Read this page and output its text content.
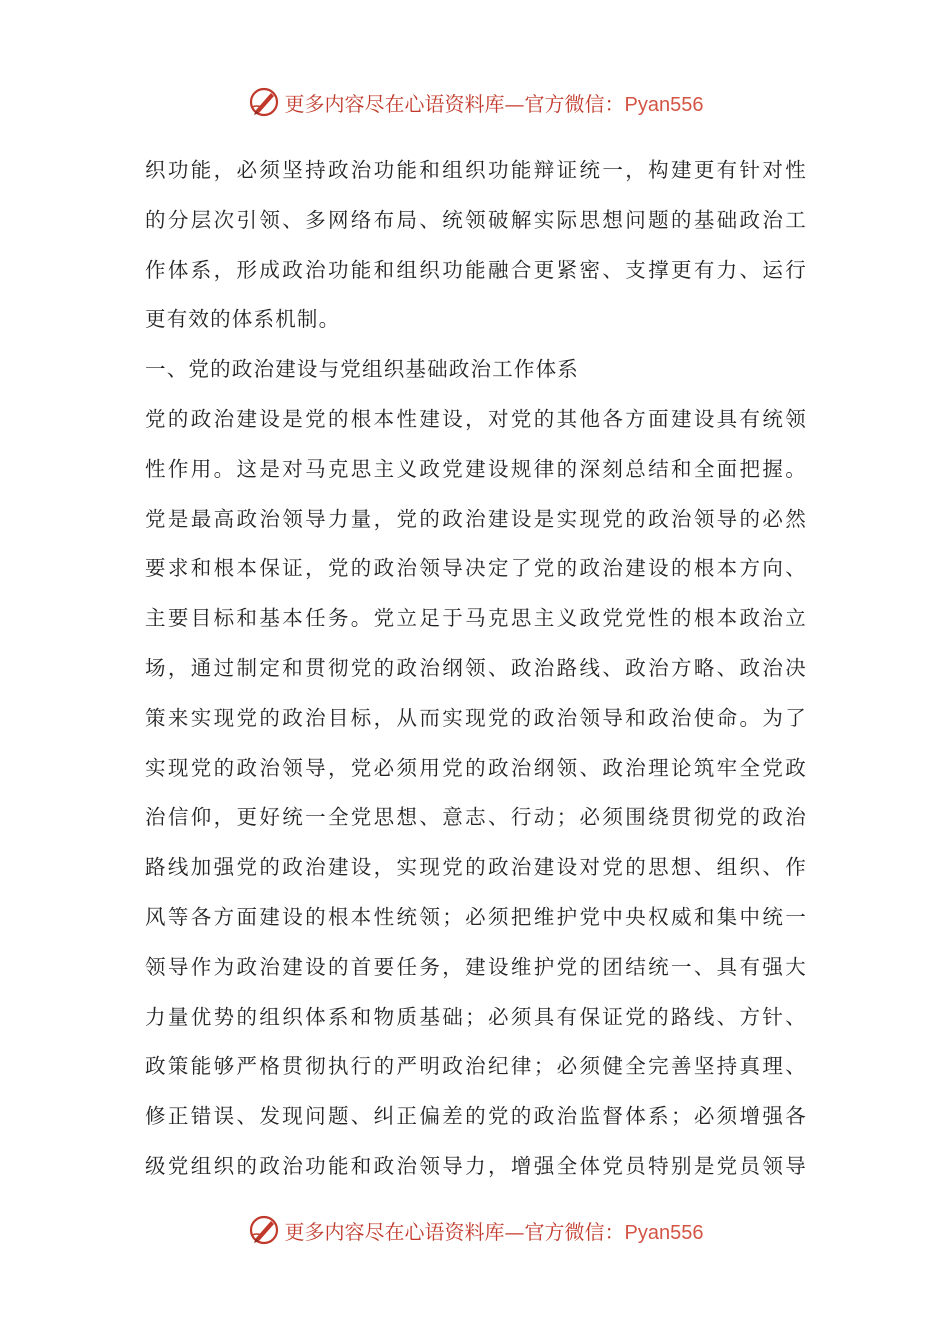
更多内容尽在心语资料库—官方微信：Pyan556
织功能，必须坚持政治功能和组织功能辩证统一，构建更有针对性
的分层次引领、多网络布局、统领破解实际思想问题的基础政治工
作体系，形成政治功能和组织功能融合更紧密、支撑更有力、运行
更有效的体系机制。
一、党的政治建设与党组织基础政治工作体系
党的政治建设是党的根本性建设，对党的其他各方面建设具有统领
性作用。这是对马克思主义政党建设规律的深刻总结和全面把握。
党是最高政治领导力量，党的政治建设是实现党的政治领导的必然
要求和根本保证，党的政治领导决定了党的政治建设的根本方向、
主要目标和基本任务。党立足于马克思主义政党党性的根本政治立
场，通过制定和贯彻党的政治纲领、政治路线、政治方略、政治决
策来实现党的政治目标，从而实现党的政治领导和政治使命。为了
实现党的政治领导，党必须用党的政治纲领、政治理论筑牢全党政
治信仰，更好统一全党思想、意志、行动；必须围绕贯彻党的政治
路线加强党的政治建设，实现党的政治建设对党的思想、组织、作
风等各方面建设的根本性统领；必须把维护党中央权威和集中统一
领导作为政治建设的首要任务，建设维护党的团结统一、具有强大
力量优势的组织体系和物质基础；必须具有保证党的路线、方针、
政策能够严格贯彻执行的严明政治纪律；必须健全完善坚持真理、
修正错误、发现问题、纠正偏差的党的政治监督体系；必须增强各
级党组织的政治功能和政治领导力，增强全体党员特别是党员领导
更多内容尽在心语资料库—官方微信：Pyan556
